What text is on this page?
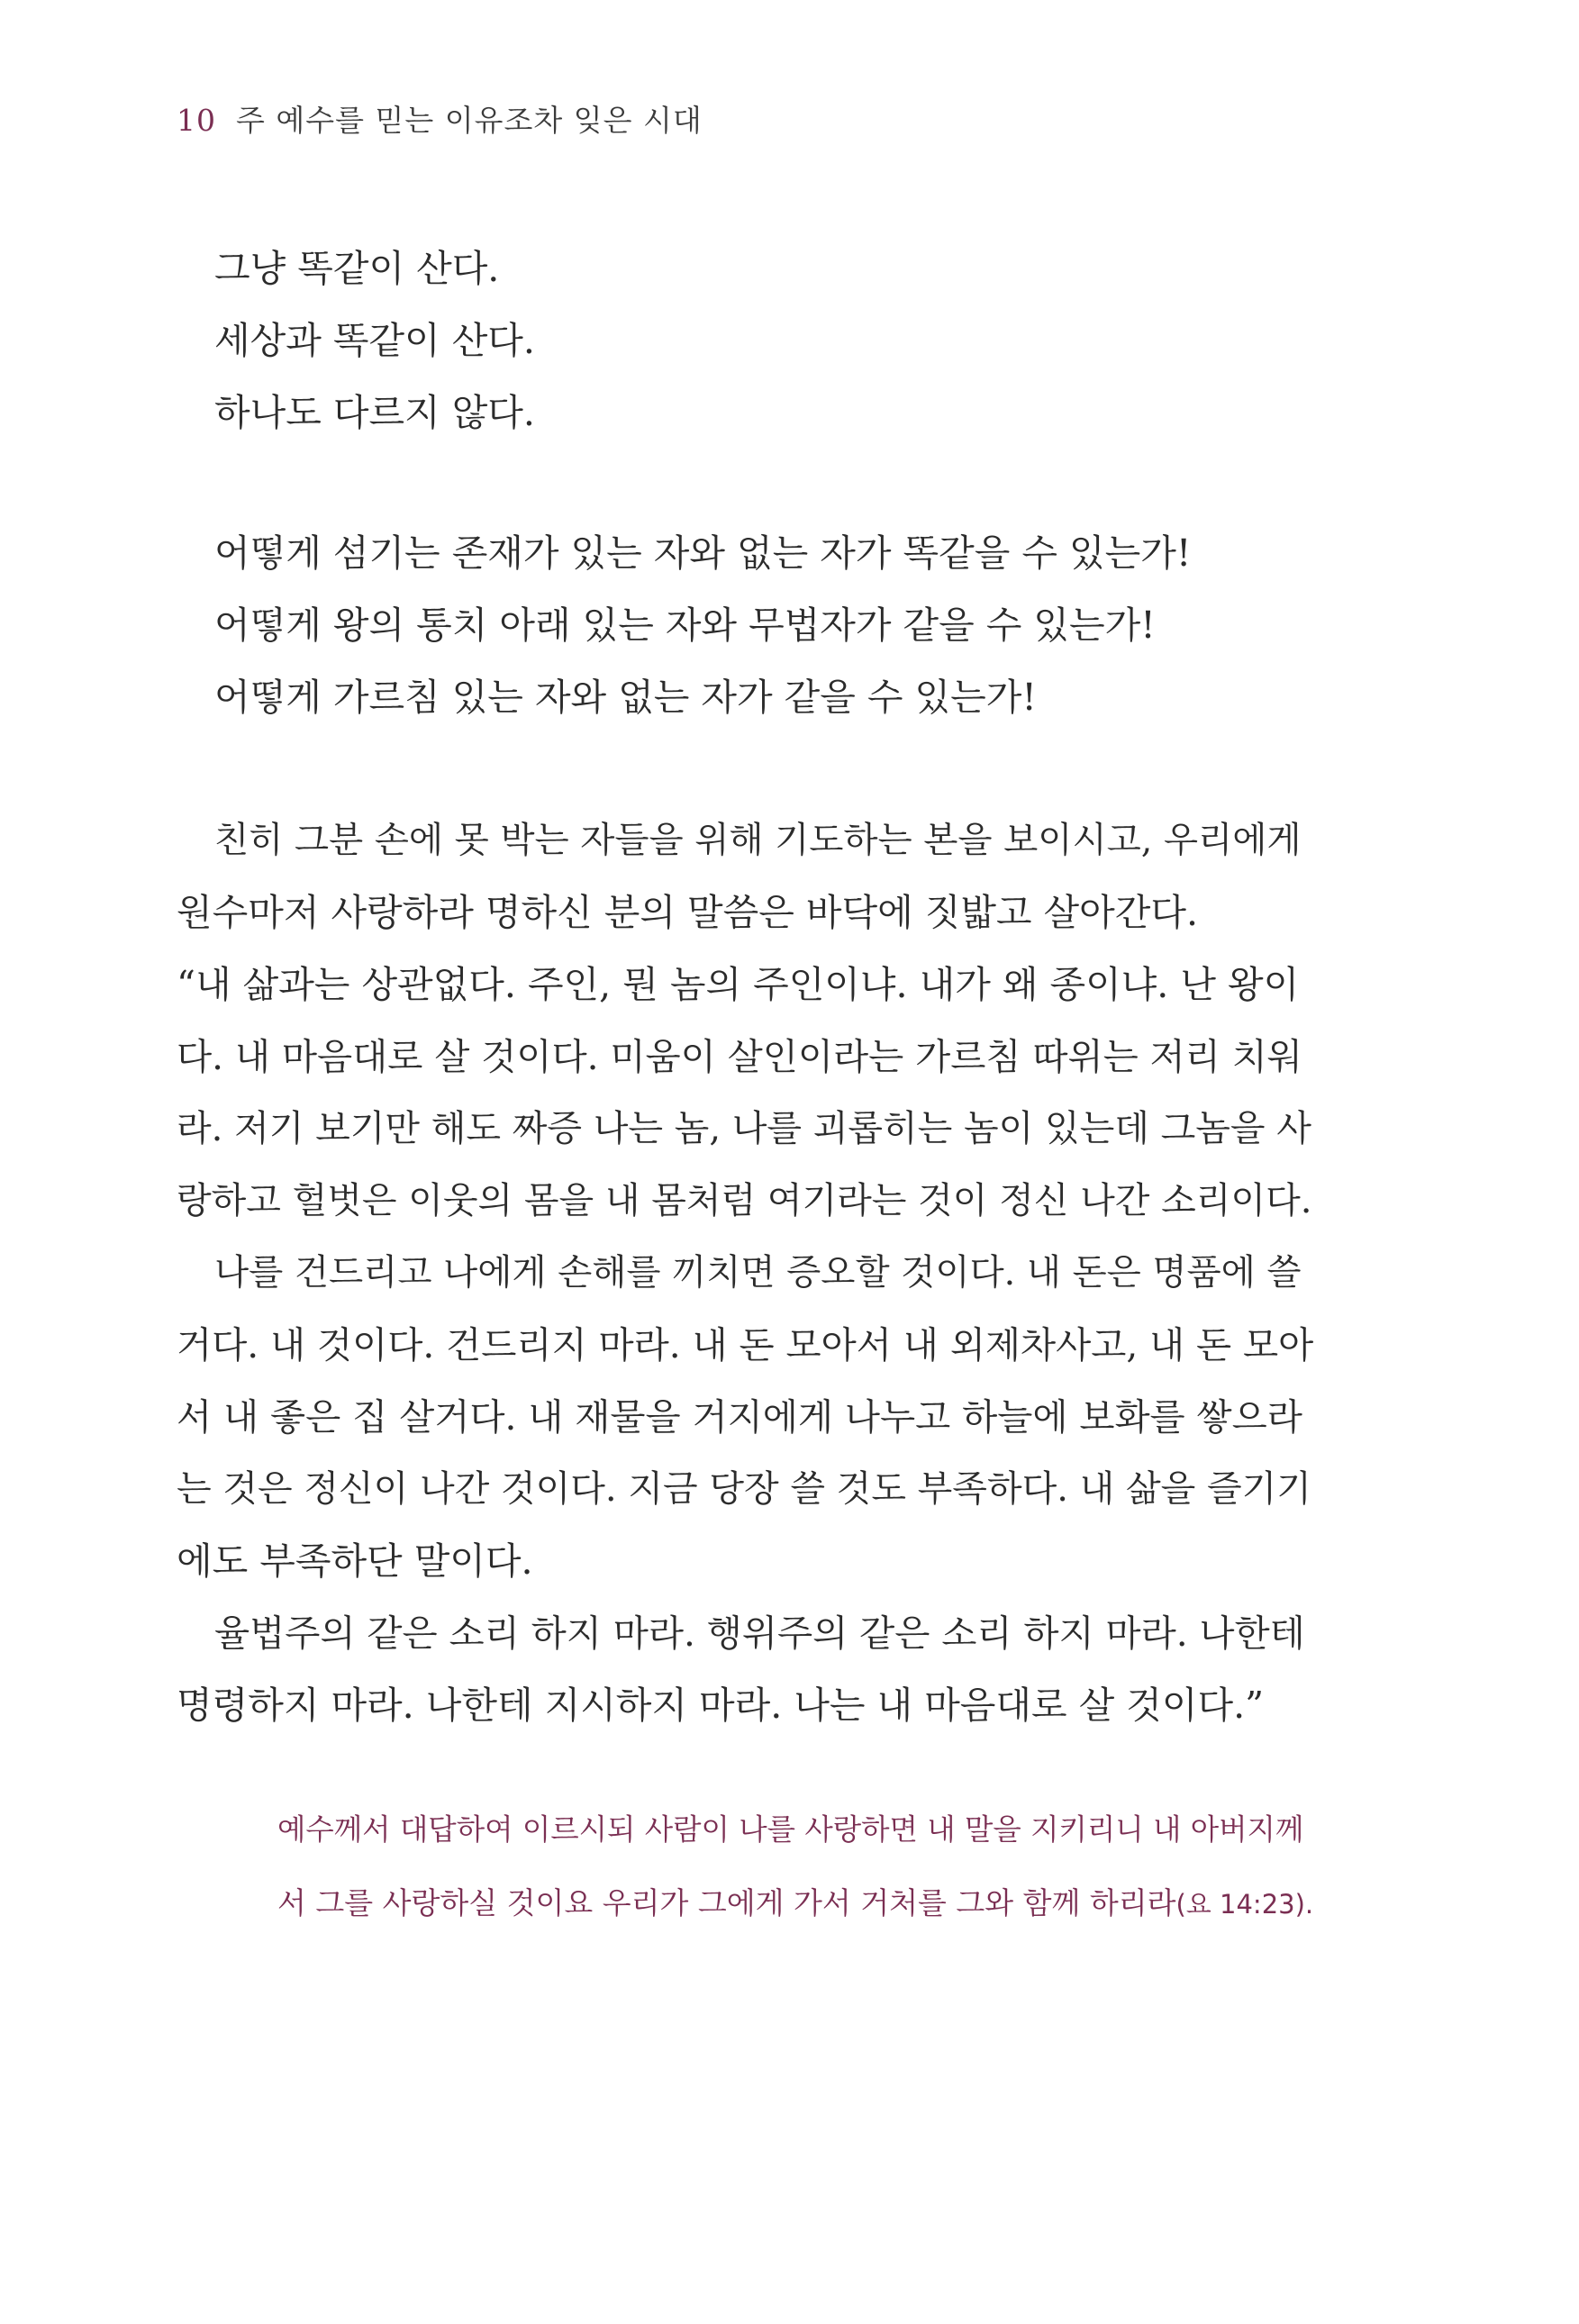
10 주 예수를 믿는 이유조차 잊은 시대
그냥 똑같이 산다.
세상과 똑같이 산다.
하나도 다르지 않다.
어떻게 섬기는 존재가 있는 자와 없는 자가 똑같을 수 있는가!
어떻게 왕의 통치 아래 있는 자와 무법자가 같을 수 있는가!
어떻게 가르침 있는 자와 없는 자가 같을 수 있는가!
친히 그분 손에 못 박는 자들을 위해 기도하는 본을 보이시고, 우리에게
원수마저 사랑하라 명하신 분의 말씀은 바닥에 짓밟고 살아간다.
“내 삶과는 상관없다. 주인, 뭔 놈의 주인이냐. 내가 왜 종이냐. 난 왕이
다. 내 마음대로 살 것이다. 미움이 살인이라는 가르침 따위는 저리 치워
라. 저기 보기만 해도 짜증 나는 놈, 나를 괴롭히는 놈이 있는데 그놈을 사
랑하고 헐벗은 이웃의 몸을 내 몸처럼 여기라는 것이 정신 나간 소리이다.
나를 건드리고 나에게 손해를 끼치면 증오할 것이다. 내 돈은 명품에 쓸
거다. 내 것이다. 건드리지 마라. 내 돈 모아서 내 외제차사고, 내 돈 모아
서 내 좋은 집 살거다. 내 재물을 거지에게 나누고 하늘에 보화를 쌓으라
는 것은 정신이 나간 것이다. 지금 당장 쓸 것도 부족하다. 내 삶을 즐기기
에도 부족하단 말이다.
율법주의 같은 소리 하지 마라. 행위주의 같은 소리 하지 마라. 나한테
명령하지 마라. 나한테 지시하지 마라. 나는 내 마음대로 살 것이다.”
예수께서 대답하여 이르시되 사람이 나를 사랑하면 내 말을 지키리니 내 아버지께
서 그를 사랑하실 것이요 우리가 그에게 가서 거처를 그와 함께 하리라(요 14:23).
